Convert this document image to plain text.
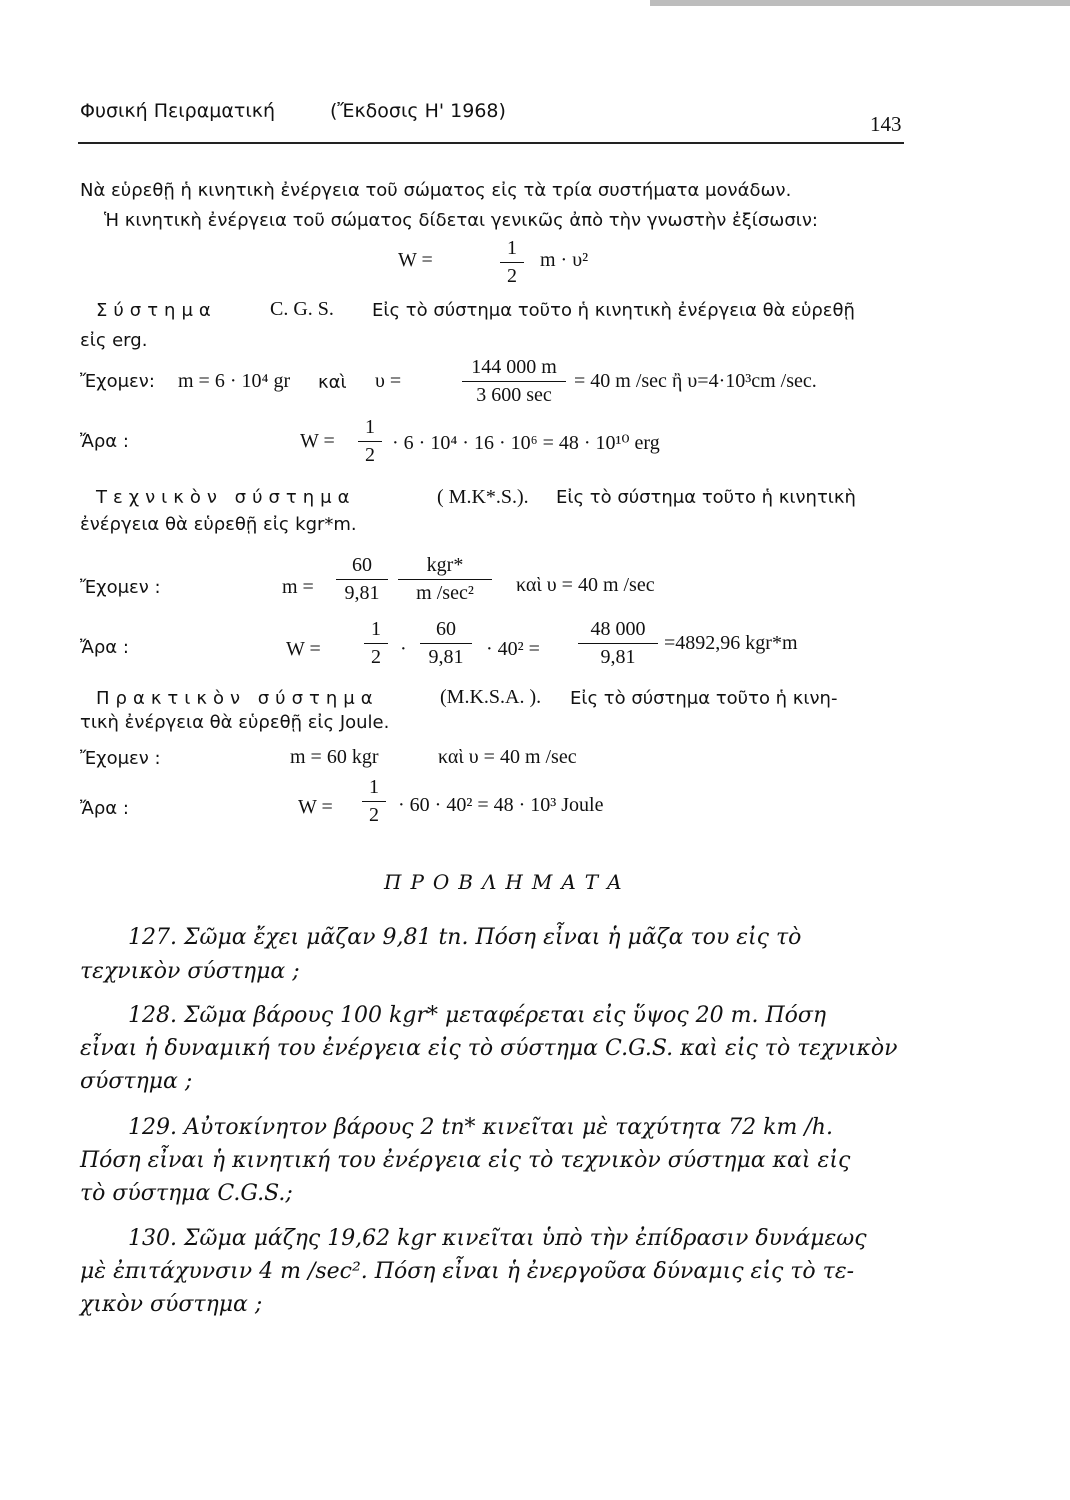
Φυσική Πειραματική	(Ἔκδοσις Η' 1968)
143
Νὰ εὑρεθῇ ἡ κινητικὴ ἐνέργεια τοῦ σώματος εἰς τὰ τρία συστήματα μονάδων.
Ἡ κινητικὴ ἐνέργεια τοῦ σώματος δίδεται γενικῶς ἀπὸ τὴν γνωστὴν ἐξίσωσιν:
W =	$\frac{1}{2}$ m · υ²
Σύστημα	C. G. S. Εἰς τὸ σύστημα τοῦτο ἡ κινητικὴ ἐνέργεια θὰ εὑρεθῇ
εἰς erg.
Ἔχομεν: m = 6 · 10⁴ gr καὶ υ =
144 000 m
3 600 sec
= 40 m /sec ἢ υ=4·10³cm /sec.
Ἄρα :	$W = \frac{1}{2} \cdot 6 \cdot 10^4 \cdot 16 \cdot 10^6 = 48 \cdot 10^{10}$ erg
Τεχνικὸν σύστημα	( M.K*.S.). Εἰς τὸ σύστημα τοῦτο ἡ κινητικὴ
ἐνέργεια θὰ εὑρεθῇ εἰς kgr*m.
Ἔχομεν :	$m = \frac{60}{9,81}$	kgr*
m /sec²	καὶ υ = 40 m /sec
Ἄρα :	$W = \frac{1}{2} \cdot \frac{60}{9,81} \cdot 40^2 = \frac{48 000}{9,81} =4892,96$ kgr*m
Πρακτικὸν σύστημα	(M.K.S.A. ). Εἰς τὸ σύστημα τοῦτο ἡ κινη-
τικὴ ἐνέργεια θὰ εὑρεθῇ εἰς Joule.
Ἔχομεν :	m = 60 kgr	καὶ υ = 40 m /sec
Ἄρα :	$W = \frac{1}{2} \cdot 60 \cdot 40^2 = 48 \cdot 10^3$ Joule
ΠΡΟΒΛΗΜΑΤΑ
127. Σῶμα ἔχει μᾶζαν 9,81 tn. Πόση εἶναι ἡ μᾶζα του εἰς τὸ
τεχνικὸν σύστημα ;
128. Σῶμα βάρους 100 kgr* μεταφέρεται εἰς ὕψος 20 m. Πόση
εἶναι ἡ δυναμική του ἐνέργεια εἰς τὸ σύστημα C.G.S. καὶ εἰς τὸ τεχνικὸν
σύστημα ;
129. Αὐτοκίνητον βάρους 2 tn* κινεῖται μὲ ταχύτητα 72 km /h.
Πόση εἶναι ἡ κινητική του ἐνέργεια εἰς τὸ τεχνικὸν σύστημα καὶ εἰς
τὸ σύστημα C.G.S.;
130. Σῶμα μάζης 19,62 kgr κινεῖται ὑπὸ τὴν ἐπίδρασιν δυνάμεως
μὲ ἐπιτάχυνσιν 4 m /sec². Πόση εἶναι ἡ ἐνεργοῦσα δύναμις εἰς τὸ τε-
χικὸν σύστημα ;
